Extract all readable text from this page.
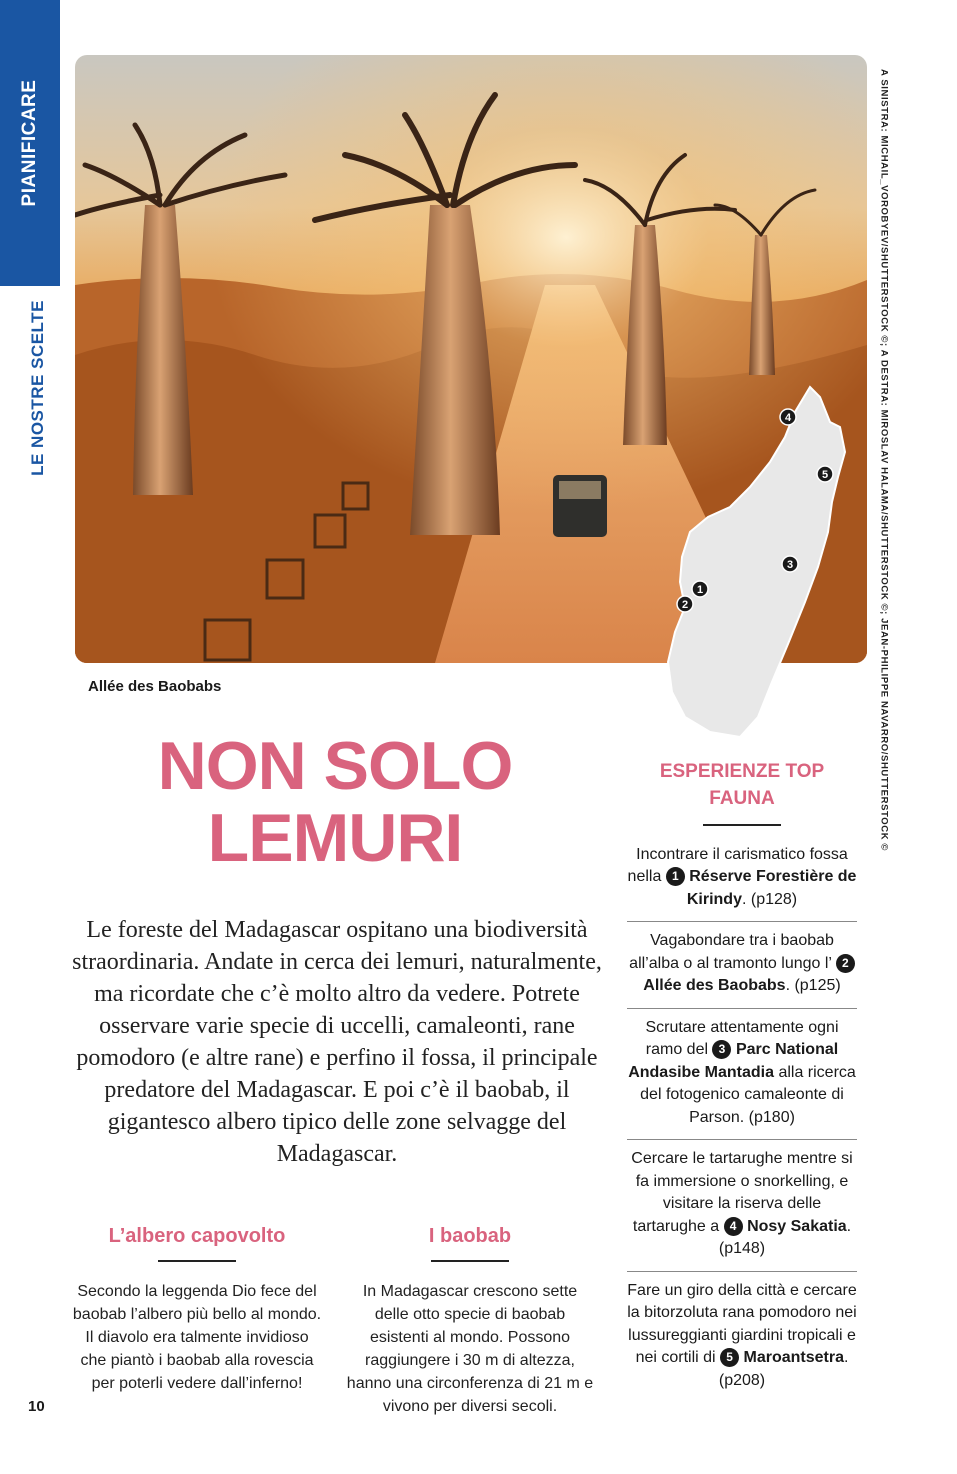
PIANIFICARE
LE NOSTRE SCELTE	A SINISTRA: MICHAIL_VOROBYEV/SHUTTERSTOCK ©; A DESTRA: MIROSLAV HALAMA/SHUTTERSTOCK ©; JEAN-PHILIPPE NAVARRO/SHUTTERSTOCK ©
Allée des Baobabs
1
2
3
4
5
NON SOLO
LEMURI
Le foreste del Madagascar ospitano una biodiversità straordinaria. Andate in cerca dei lemuri, naturalmente, ma ricordate che c’è molto altro da vedere. Potrete osservare varie specie di uccelli, camaleonti, rane pomodoro (e altre rane) e perfino il fossa, il principale predatore del Madagascar. E poi c’è il baobab, il gigantesco albero tipico delle zone selvagge del Madagascar.
L’albero capovolto

Secondo la leggenda Dio fece del baobab l’albero più bello al mondo. Il diavolo era talmente invidioso che piantò i baobab alla rovescia per poterli vedere dall’inferno!

I baobab

In Madagascar crescono sette delle otto specie di baobab esistenti al mondo. Possono raggiungere i 30 m di altezza, hanno una circonferenza di 21 m e vivono per diversi secoli.

ESPERIENZE TOP
FAUNA
Incontrare il carismatico fossa nella 1 Réserve Forestière de Kirindy. (p128)
Vagabondare tra i baobab all’alba o al tramonto lungo l’ 2 Allée des Baobabs. (p125)
Scrutare attentamente ogni ramo del 3 Parc National Andasibe Mantadia alla ricerca del fotogenico camaleonte di Parson. (p180)
Cercare le tartarughe mentre si fa immersione o snorkelling, e visitare la riserva delle tartarughe a 4 Nosy Sakatia. (p148)
Fare un giro della città e cercare la bitorzoluta rana pomodoro nei lussureggianti giardini tropicali e nei cortili di 5 Maroantsetra. (p208)
10
